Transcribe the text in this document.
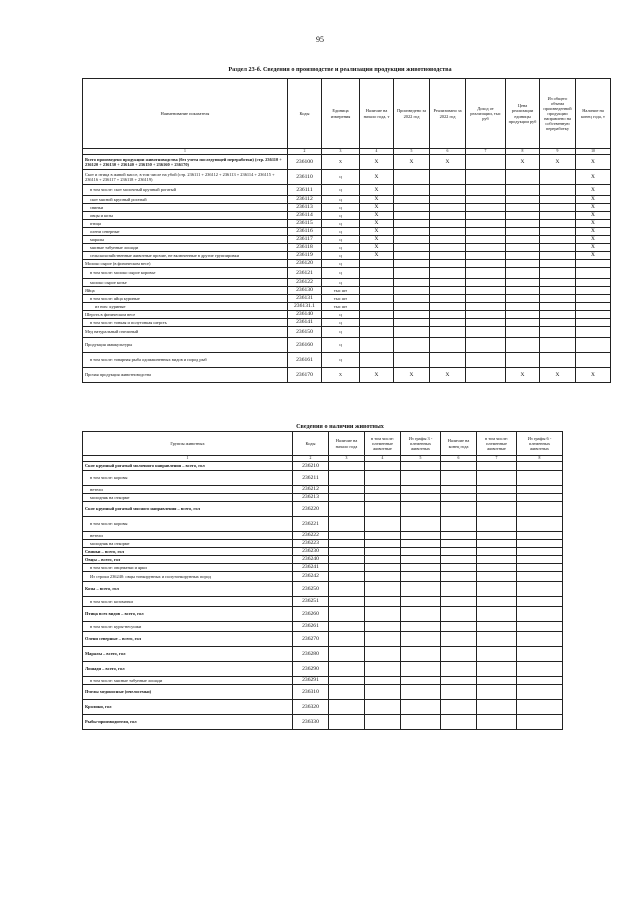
95
Раздел 23-б. Сведения о производстве и реализации продукции животноводства
Наименование показателя	Коды	Единица измерения	Наличие на начало года, т	Произведено за 2022 год	Реализовано за 2022 год	Доход от реализации, тыс руб	Цена реализации единицы продукции руб	Из общего объема произведенной продукции направлено на собственную переработку	Наличие на конец года, т
1	2	3	4	5	6	7	8	9	10
Всего произведено продукции животноводства (без учета последующей переработки) (стр. 236110 + 236120 + 236130 + 236140 + 236150 + 236160 + 236170)	236100	X	X	X	X		X	X	X
Скот и птица в живой массе, в том числе на убой (стр. 236111 + 236112 + 236113 + 236114 + 236115 + 236116 + 236117 + 236118 + 236119)	236110	ц	X						X
в том числе: скот молочный крупный рогатый	236111	ц	X						X
скот мясной крупный рогатый	236112	ц	X						X
свиньи	236113	ц	X						X
овцы и козы	236114	ц	X						X
птица	236115	ц	X						X
олени северные	236116	ц	X						X
маралы	236117	ц	X						X
мясные табунные лошади	236118	ц	X						X
сельскохозяйственные животные прочие, не включенные в другие группировки	236119	ц	X						X
Молоко сырое (в физическом весе)	236120	ц							
в том числе: молоко сырое коровье	236121	ц							
молоко сырое козье	236122	ц							
Яйца	236130	тыс шт							
в том числе: яйца куриные	236131	тыс шт							
из них: куриные	236131.1	тыс шт							
Шерсть в физическом весе	236140	ц							
в том числе: тонкая и полутонкая шерсть	236141	ц							
Мед натуральный пчелиный	236150	ц							
Продукция аквакультуры	236160	ц							
в том числе: товарная рыба одомашненных видов и пород рыб	236161	ц							
Прочая продукция животноводства	236170	X	X	X	X		X	X	X
Сведения о наличии животных
Группы животных	Коды	Наличие на начало года	в том числе: племенные животные	Из графы 3 - племенных животных	Наличие на конец года	в том числе: племенные животные	Из графы 6 - племенных животных
1	2	3	4	5	6	7	8
Скот крупный рогатый молочного направления – всего, гол	236210						
в том числе: коровы	236211						
нетели	236212						
молодняк на откорме	236213						
Скот крупный рогатый мясного направления – всего, гол	236220						
в том числе: коровы	236221						
нетели	236222						
молодняк на откорме	236223						
Свиньи – всего, гол	236230						
Овцы – всего, гол	236240						
в том числе: овцематки и ярки	236241						
Из строки 236240: овцы тонкорунных и полутонкорунных пород	236242						
Козы – всего, гол	236250						
в том числе: козоматки	236251						
Птица всех видов – всего, гол	236260						
в том числе: куры-несушки	236261						
Олени северные – всего, гол	236270						
Маралы – всего, гол	236280						
Лошади – всего, гол	236290						
в том числе: мясные табунные лошади	236291						
Пчелы медоносные (пчелосемьи)	236310						
Кролики, гол	236320						
Рыбы-производители, гол	236330						
